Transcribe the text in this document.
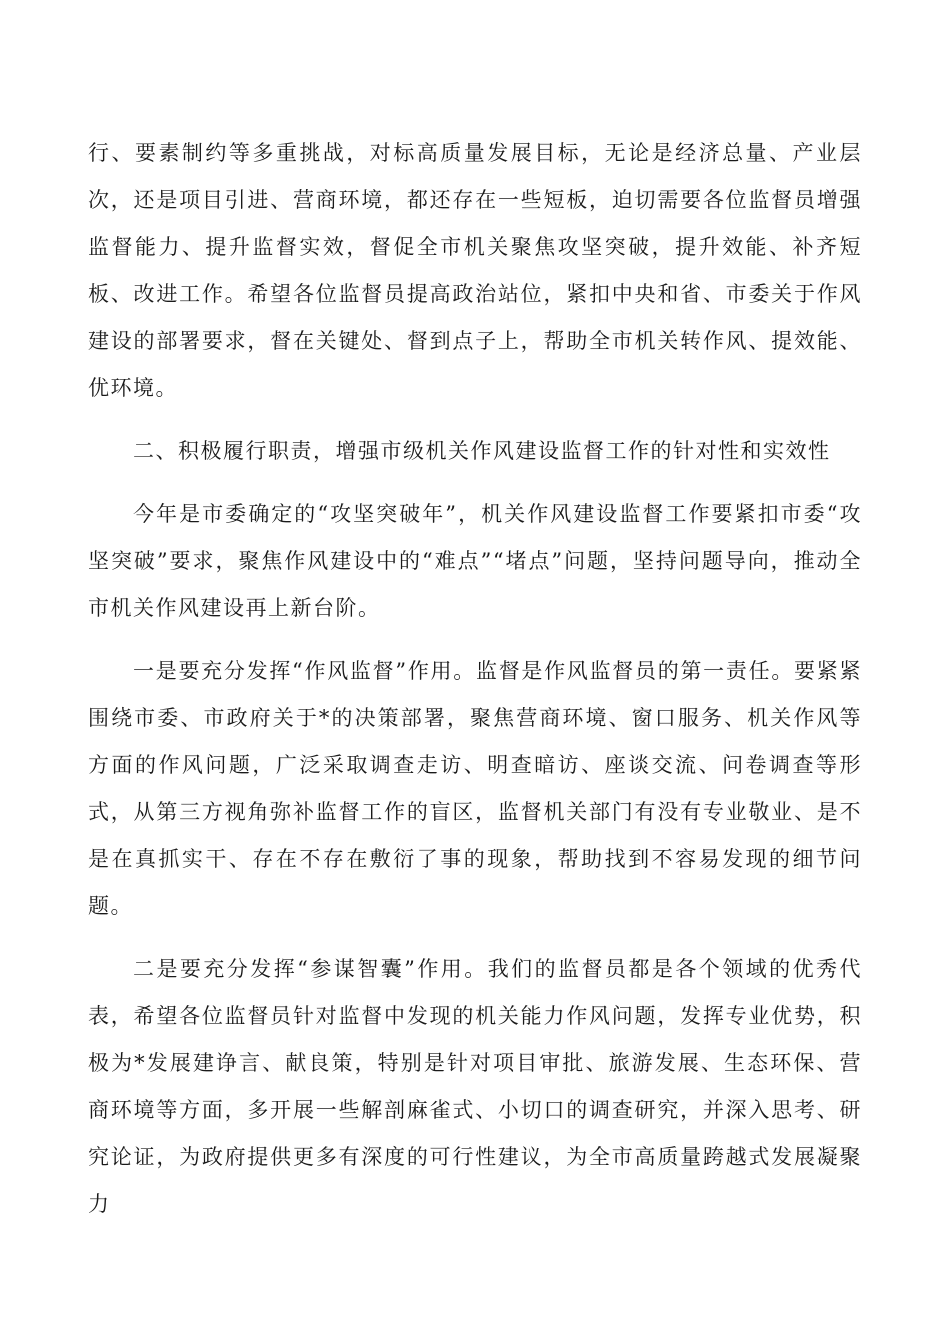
行、要素制约等多重挑战，对标高质量发展目标，无论是经济总量、产业层次，还是项目引进、营商环境，都还存在一些短板，迫切需要各位监督员增强监督能力、提升监督实效，督促全市机关聚焦攻坚突破，提升效能、补齐短板、改进工作。希望各位监督员提高政治站位，紧扣中央和省、市委关于作风建设的部署要求，督在关键处、督到点子上，帮助全市机关转作风、提效能、优环境。

二、积极履行职责，增强市级机关作风建设监督工作的针对性和实效性

今年是市委确定的“攻坚突破年”，机关作风建设监督工作要紧扣市委“攻坚突破”要求，聚焦作风建设中的“难点”“堵点”问题，坚持问题导向，推动全市机关作风建设再上新台阶。

一是要充分发挥“作风监督”作用。监督是作风监督员的第一责任。要紧紧围绕市委、市政府关于*的决策部署，聚焦营商环境、窗口服务、机关作风等方面的作风问题，广泛采取调查走访、明查暗访、座谈交流、问卷调查等形式，从第三方视角弥补监督工作的盲区，监督机关部门有没有专业敬业、是不是在真抓实干、存在不存在敷衍了事的现象，帮助找到不容易发现的细节问题。

二是要充分发挥“参谋智囊”作用。我们的监督员都是各个领域的优秀代表，希望各位监督员针对监督中发现的机关能力作风问题，发挥专业优势，积极为*发展建诤言、献良策，特别是针对项目审批、旅游发展、生态环保、营商环境等方面，多开展一些解剖麻雀式、小切口的调查研究，并深入思考、研究论证，为政府提供更多有深度的可行性建议，为全市高质量跨越式发展凝聚力
